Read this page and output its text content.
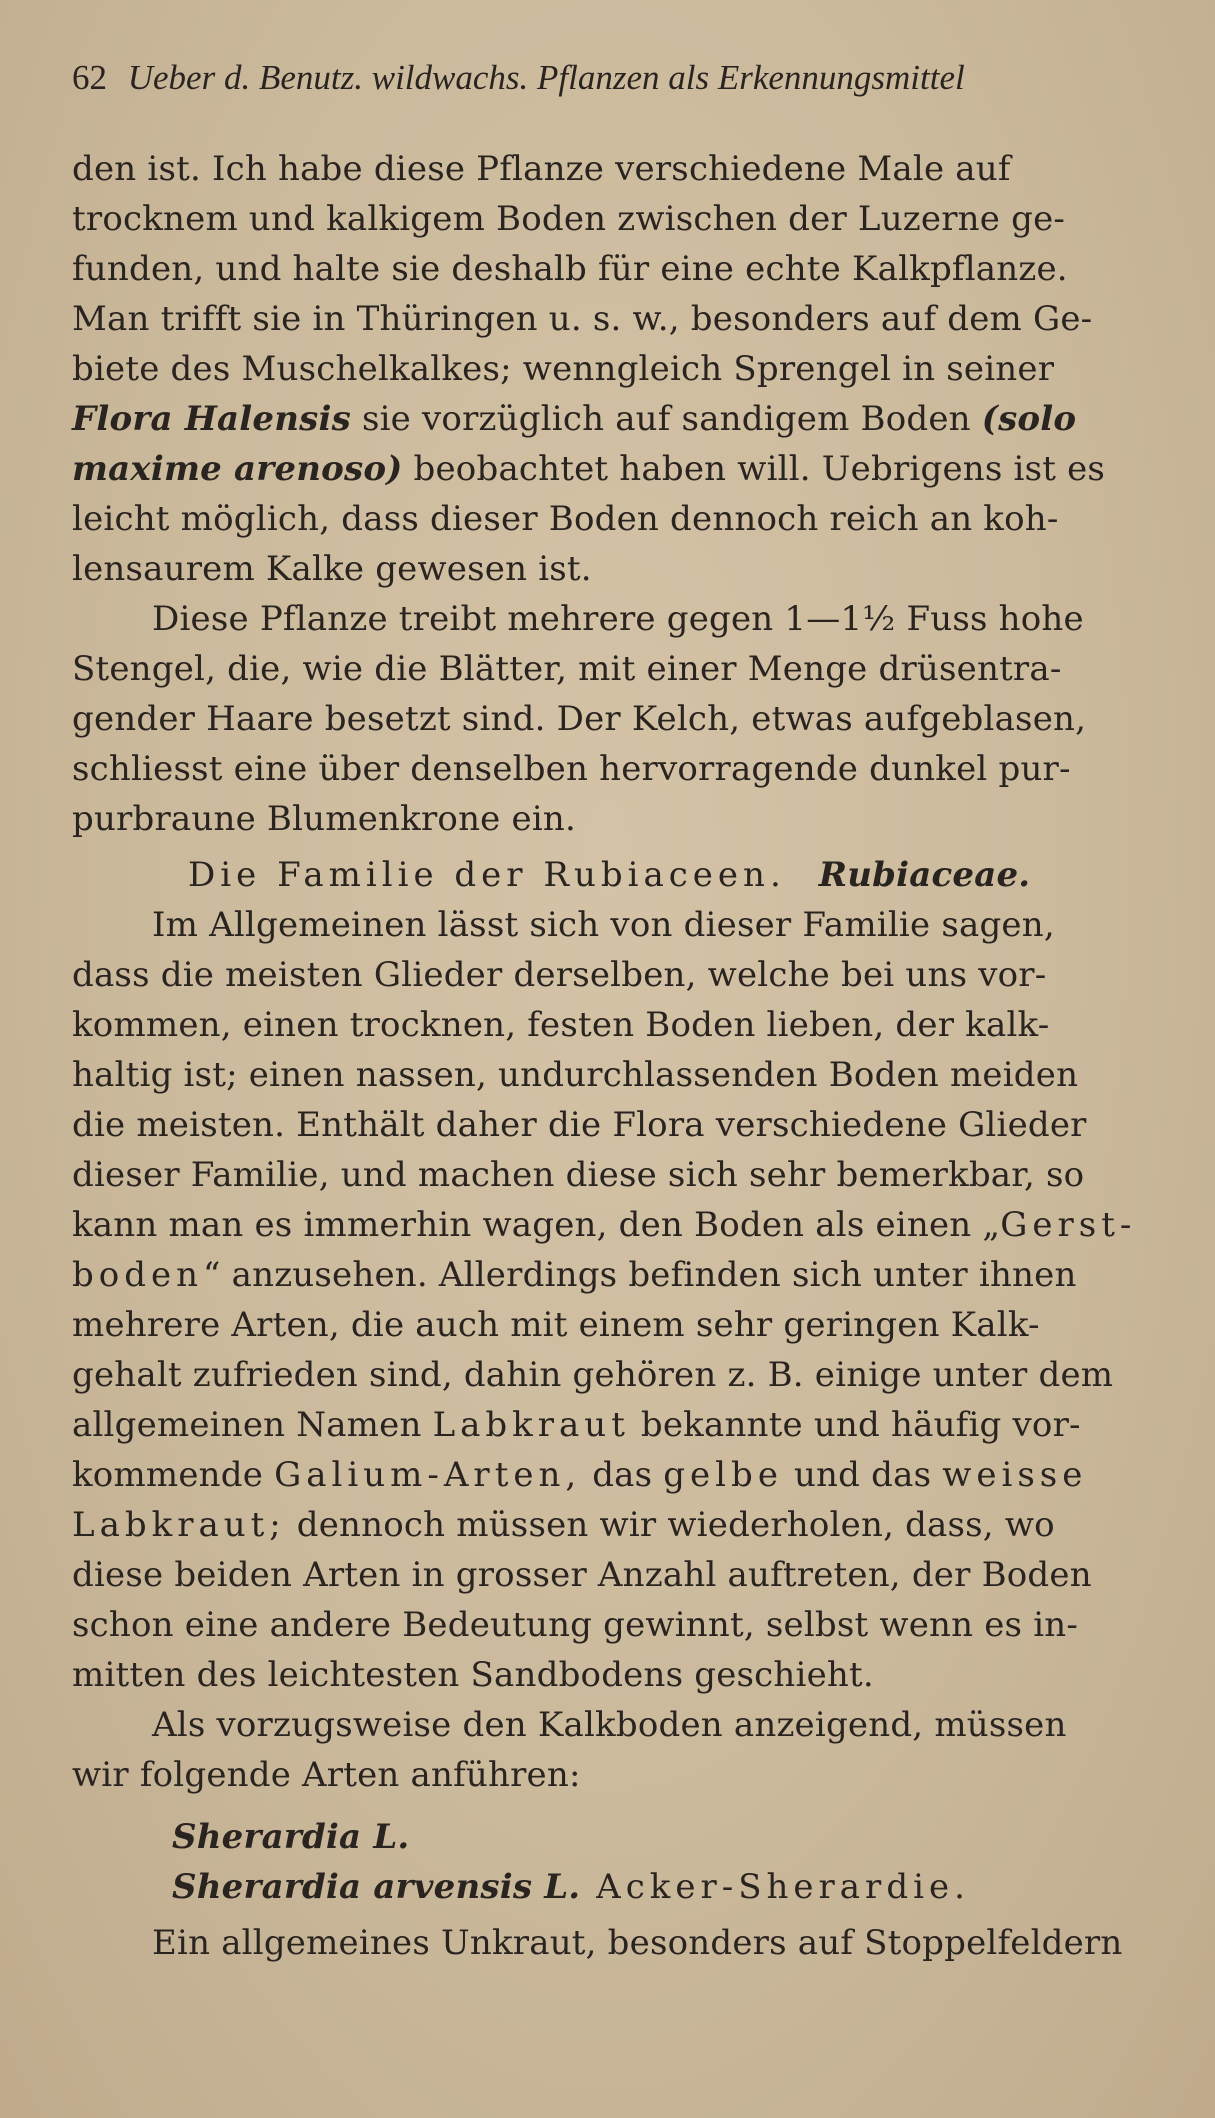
62 Ueber d. Benutz. wildwachs. Pflanzen als Erkennungsmittel
den ist. Ich habe diese Pflanze verschiedene Male auf
trocknem und kalkigem Boden zwischen der Luzerne ge-
funden, und halte sie deshalb für eine echte Kalkpflanze.
Man trifft sie in Thüringen u. s. w., besonders auf dem Ge-
biete des Muschelkalkes; wenngleich Sprengel in seiner
Flora Halensis sie vorzüglich auf sandigem Boden (solo
maxime arenoso) beobachtet haben will. Uebrigens ist es
leicht möglich, dass dieser Boden dennoch reich an koh-
lensaurem Kalke gewesen ist.
Diese Pflanze treibt mehrere gegen 1—1½ Fuss hohe
Stengel, die, wie die Blätter, mit einer Menge drüsentra-
gender Haare besetzt sind. Der Kelch, etwas aufgeblasen,
schliesst eine über denselben hervorragende dunkel pur-
purbraune Blumenkrone ein.
Die Familie der Rubiaceen. Rubiaceae.
Im Allgemeinen lässt sich von dieser Familie sagen,
dass die meisten Glieder derselben, welche bei uns vor-
kommen, einen trocknen, festen Boden lieben, der kalk-
haltig ist; einen nassen, undurchlassenden Boden meiden
die meisten. Enthält daher die Flora verschiedene Glieder
dieser Familie, und machen diese sich sehr bemerkbar, so
kann man es immerhin wagen, den Boden als einen „Gerst-
boden“ anzusehen. Allerdings befinden sich unter ihnen
mehrere Arten, die auch mit einem sehr geringen Kalk-
gehalt zufrieden sind, dahin gehören z. B. einige unter dem
allgemeinen Namen Labkraut bekannte und häufig vor-
kommende Galium-Arten, das gelbe und das weisse
Labkraut; dennoch müssen wir wiederholen, dass, wo
diese beiden Arten in grosser Anzahl auftreten, der Boden
schon eine andere Bedeutung gewinnt, selbst wenn es in-
mitten des leichtesten Sandbodens geschieht.
Als vorzugsweise den Kalkboden anzeigend, müssen
wir folgende Arten anführen:
Sherardia L.
Sherardia arvensis L. Acker-Sherardie.
Ein allgemeines Unkraut, besonders auf Stoppelfeldern
